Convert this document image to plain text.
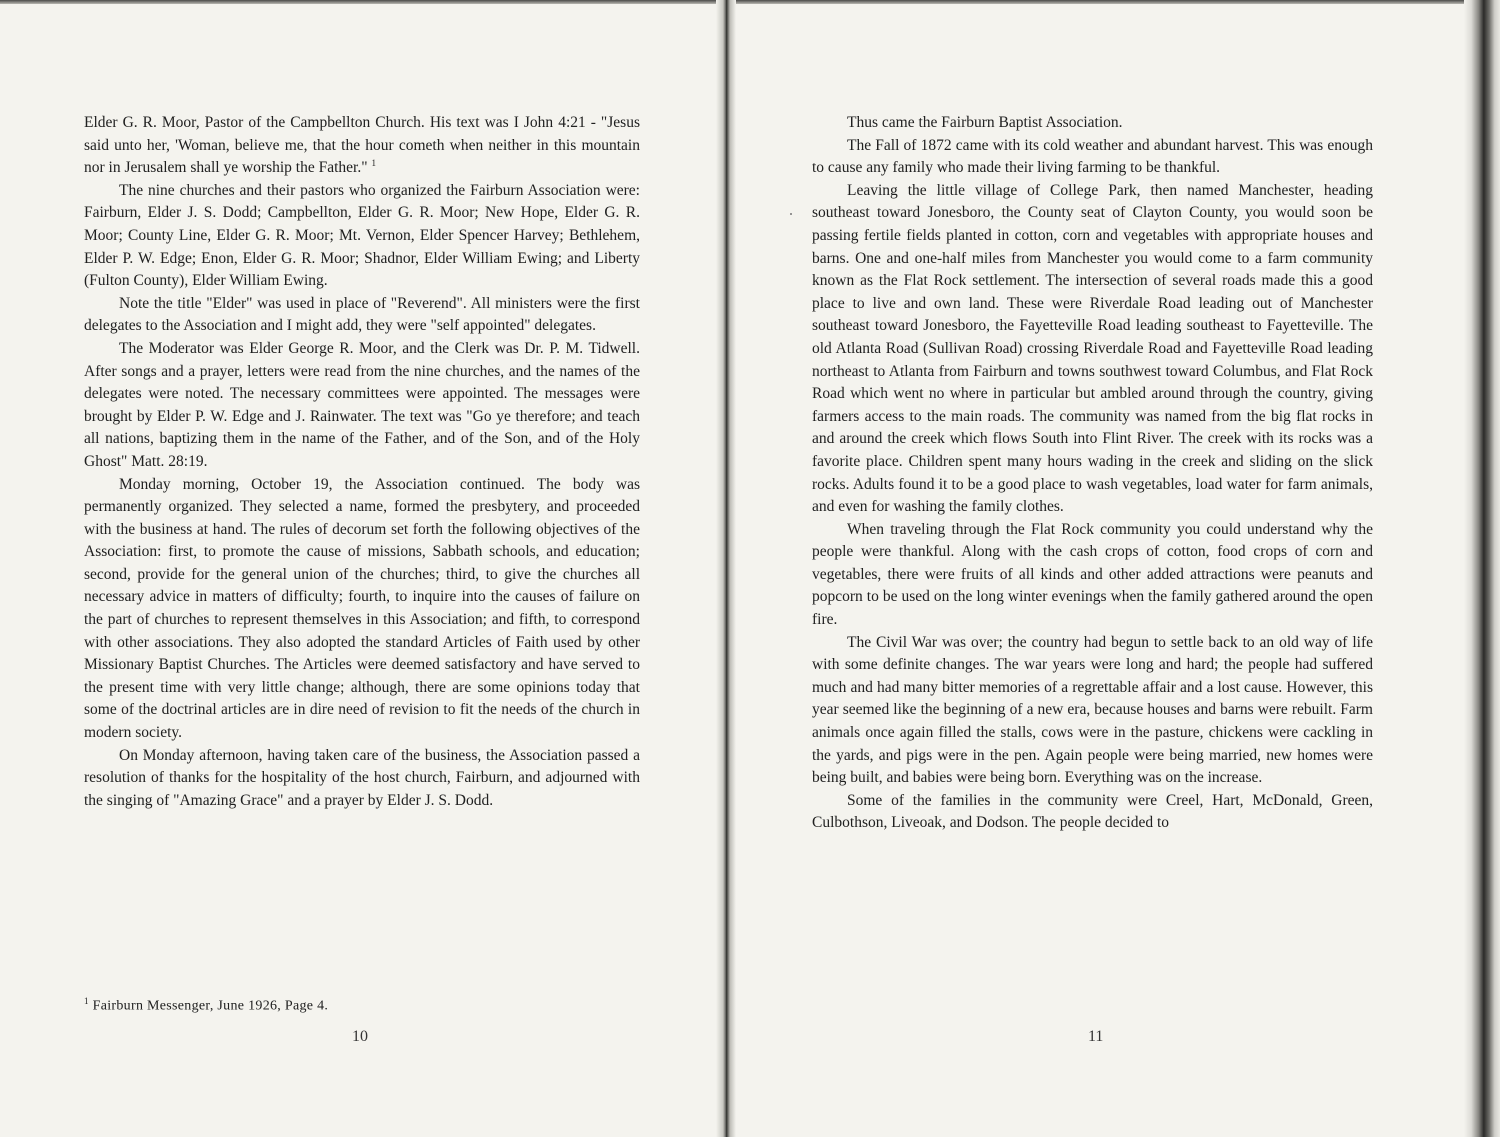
Elder G. R. Moor, Pastor of the Campbellton Church. His text was I John 4:21 - "Jesus said unto her, 'Woman, believe me, that the hour cometh when neither in this mountain nor in Jerusalem shall ye worship the Father." $^1$

The nine churches and their pastors who organized the Fairburn Association were: Fairburn, Elder J. S. Dodd; Campbellton, Elder G. R. Moor; New Hope, Elder G. R. Moor; County Line, Elder G. R. Moor; Mt. Vernon, Elder Spencer Harvey; Bethlehem, Elder P. W. Edge; Enon, Elder G. R. Moor; Shadnor, Elder William Ewing; and Liberty (Fulton County), Elder William Ewing.

Note the title "Elder" was used in place of "Reverend". All ministers were the first delegates to the Association and I might add, they were "self appointed" delegates.

The Moderator was Elder George R. Moor, and the Clerk was Dr. P. M. Tidwell. After songs and a prayer, letters were read from the nine churches, and the names of the delegates were noted. The necessary committees were appointed. The messages were brought by Elder P. W. Edge and J. Rainwater. The text was "Go ye therefore; and teach all nations, baptizing them in the name of the Father, and of the Son, and of the Holy Ghost" Matt. 28:19.

Monday morning, October 19, the Association continued. The body was permanently organized. They selected a name, formed the presbytery, and proceeded with the business at hand. The rules of decorum set forth the following objectives of the Association: first, to promote the cause of missions, Sabbath schools, and education; second, provide for the general union of the churches; third, to give the churches all necessary advice in matters of difficulty; fourth, to inquire into the causes of failure on the part of churches to represent themselves in this Association; and fifth, to correspond with other associations. They also adopted the standard Articles of Faith used by other Missionary Baptist Churches. The Articles were deemed satisfactory and have served to the present time with very little change; although, there are some opinions today that some of the doctrinal articles are in dire need of revision to fit the needs of the church in modern society.

On Monday afternoon, having taken care of the business, the Association passed a resolution of thanks for the hospitality of the host church, Fairburn, and adjourned with the singing of "Amazing Grace" and a prayer by Elder J. S. Dodd.

$^1$ Fairburn Messenger, June 1926, Page 4.
10

Thus came the Fairburn Baptist Association.

The Fall of 1872 came with its cold weather and abundant harvest. This was enough to cause any family who made their living farming to be thankful.

Leaving the little village of College Park, then named Manchester, heading southeast toward Jonesboro, the County seat of Clayton County, you would soon be passing fertile fields planted in cotton, corn and vegetables with appropriate houses and barns. One and one-half miles from Manchester you would come to a farm community known as the Flat Rock settlement. The intersection of several roads made this a good place to live and own land. These were Riverdale Road leading out of Manchester southeast toward Jonesboro, the Fayetteville Road leading southeast to Fayetteville. The old Atlanta Road (Sullivan Road) crossing Riverdale Road and Fayetteville Road leading northeast to Atlanta from Fairburn and towns southwest toward Columbus, and Flat Rock Road which went no where in particular but ambled around through the country, giving farmers access to the main roads. The community was named from the big flat rocks in and around the creek which flows South into Flint River. The creek with its rocks was a favorite place. Children spent many hours wading in the creek and sliding on the slick rocks. Adults found it to be a good place to wash vegetables, load water for farm animals, and even for washing the family clothes.

When traveling through the Flat Rock community you could understand why the people were thankful. Along with the cash crops of cotton, food crops of corn and vegetables, there were fruits of all kinds and other added attractions were peanuts and popcorn to be used on the long winter evenings when the family gathered around the open fire.

The Civil War was over; the country had begun to settle back to an old way of life with some definite changes. The war years were long and hard; the people had suffered much and had many bitter memories of a regrettable affair and a lost cause. However, this year seemed like the beginning of a new era, because houses and barns were rebuilt. Farm animals once again filled the stalls, cows were in the pasture, chickens were cackling in the yards, and pigs were in the pen. Again people were being married, new homes were being built, and babies were being born. Everything was on the increase.

Some of the families in the community were Creel, Hart, McDonald, Green, Culbothson, Liveoak, and Dodson. The people decided to

11
